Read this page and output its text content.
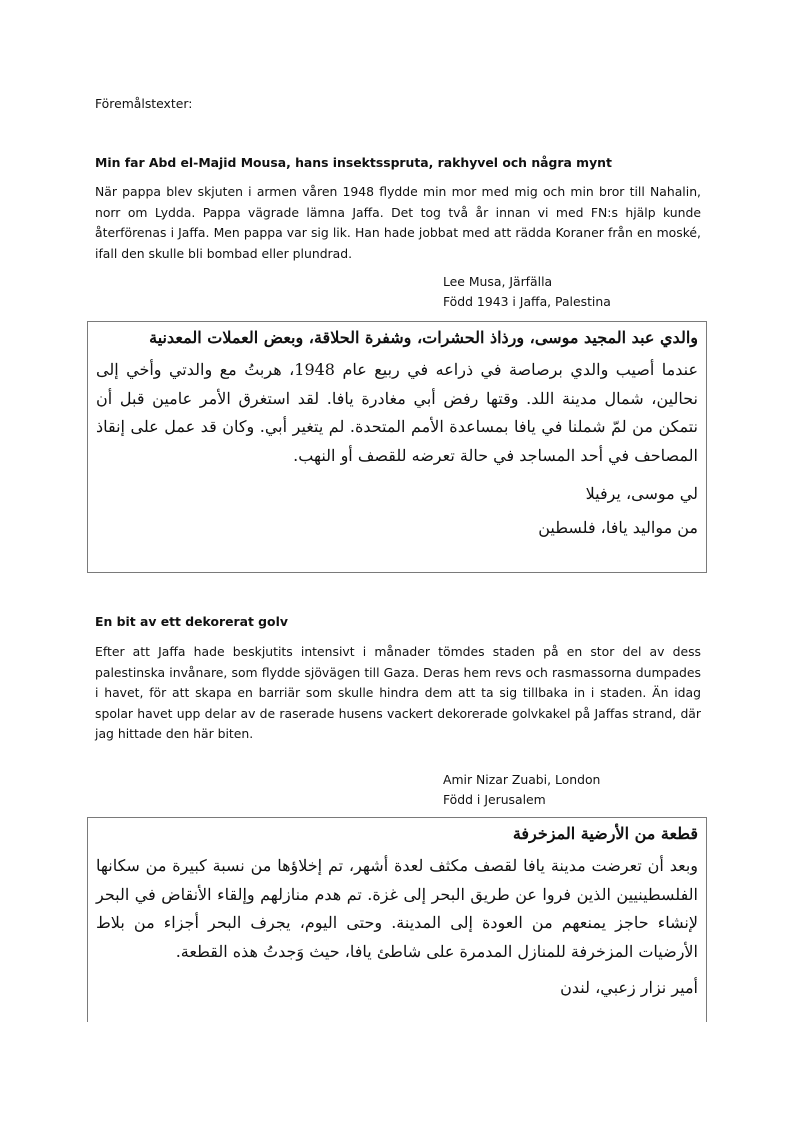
Föremålstexter:
Min far Abd el-Majid Mousa, hans insektsspruta, rakhyvel och några mynt
När pappa blev skjuten i armen våren 1948 flydde min mor med mig och min bror till Nahalin, norr om Lydda. Pappa vägrade lämna Jaffa. Det tog två år innan vi med FN:s hjälp kunde återförenas i Jaffa. Men pappa var sig lik. Han hade jobbat med att rädda Koraner från en moské, ifall den skulle bli bombad eller plundrad.
Lee Musa, Järfälla
Född 1943 i Jaffa, Palestina
والدي عبد المجيد موسى، ورذاذ الحشرات، وشفرة الحلاقة، وبعض العملات المعدنية
عندما أصيب والدي برصاصة في ذراعه في ربيع عام 1948، هربتُ مع والدتي وأخي إلى نحالين، شمال مدينة اللد. وقتها رفض أبي مغادرة يافا. لقد استغرق الأمر عامين قبل أن نتمكن من لمّ شملنا في يافا بمساعدة الأمم المتحدة. لم يتغير أبي. وكان قد عمل على إنقاذ المصاحف في أحد المساجد في حالة تعرضه للقصف أو النهب.
لي موسى، يرفيلا
من مواليد يافا، فلسطين
En bit av ett dekorerat golv
Efter att Jaffa hade beskjutits intensivt i månader tömdes staden på en stor del av dess palestinska invånare, som flydde sjövägen till Gaza. Deras hem revs och rasmassorna dumpades i havet, för att skapa en barriär som skulle hindra dem att ta sig tillbaka in i staden. Än idag spolar havet upp delar av de raserade husens vackert dekorerade golvkakel på Jaffas strand, där jag hittade den här biten.
Amir Nizar Zuabi, London
Född i Jerusalem
قطعة من الأرضية المزخرفة
وبعد أن تعرضت مدينة يافا لقصف مكثف لعدة أشهر، تم إخلاؤها من نسبة كبيرة من سكانها الفلسطينيين الذين فروا عن طريق البحر إلى غزة. تم هدم منازلهم وإلقاء الأنقاض في البحر لإنشاء حاجز يمنعهم من العودة إلى المدينة. وحتى اليوم، يجرف البحر أجزاء من بلاط الأرضيات المزخرفة للمنازل المدمرة على شاطئ يافا، حيث وَجدتُ هذه القطعة.
أمير نزار زعبي، لندن
